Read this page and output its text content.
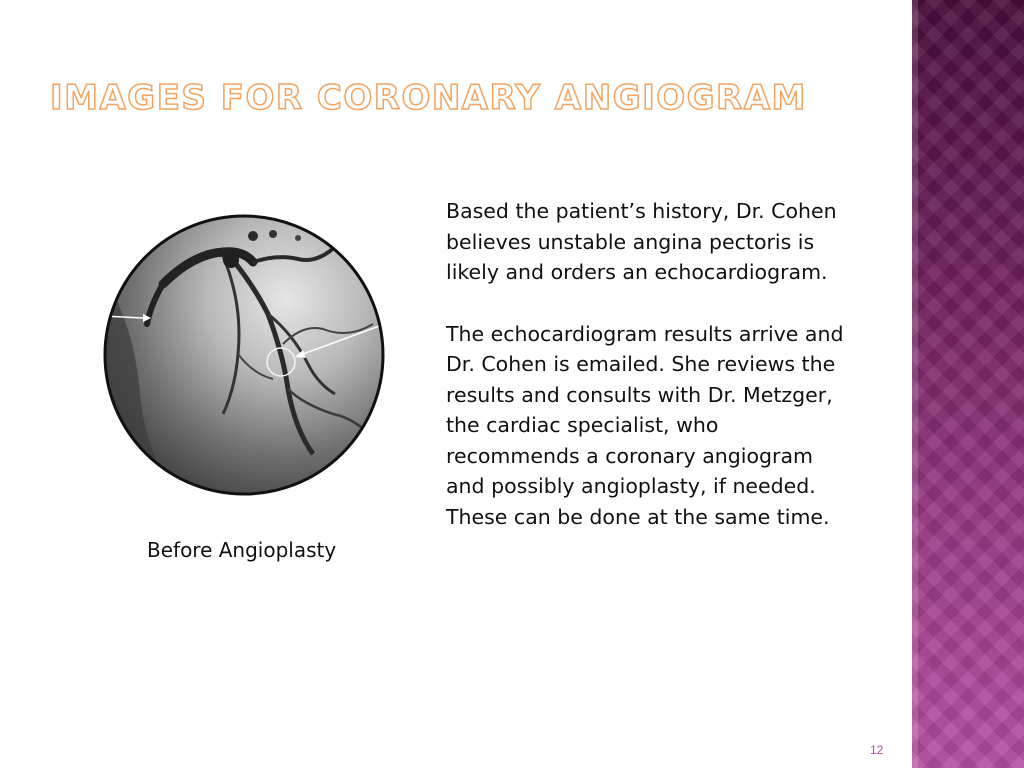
IMAGES FOR CORONARY ANGIOGRAM
Before Angioplasty

Based the patient’s history, Dr. Cohen believes unstable angina pectoris is likely and orders an echocardiogram.

The echocardiogram results arrive and Dr. Cohen is emailed. She reviews the results and consults with Dr. Metzger, the cardiac specialist, who recommends a coronary angiogram and possibly angioplasty, if needed. These can be done at the same time.

12
